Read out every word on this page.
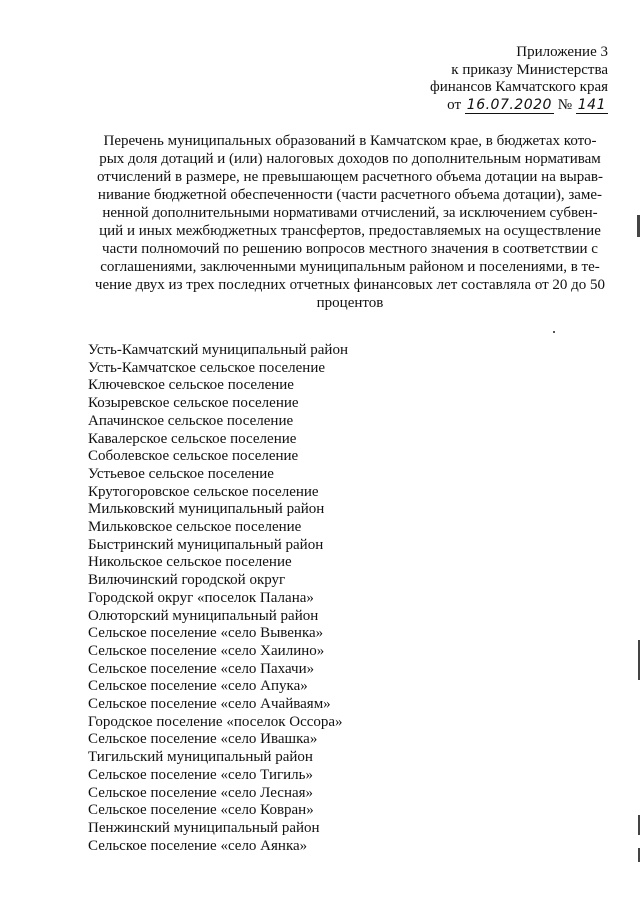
Приложение 3
к приказу Министерства
финансов Камчатского края
от 16.07.2020 № 141
Перечень муниципальных образований в Камчатском крае, в бюджетах кото-
рых доля дотаций и (или) налоговых доходов по дополнительным нормативам
отчислений в размере, не превышающем расчетного объема дотации на вырав-
нивание бюджетной обеспеченности (части расчетного объема дотации), заме-
ненной дополнительными нормативами отчислений, за исключением субвен-
ций и иных межбюджетных трансфертов, предоставляемых на осуществление
части полномочий по решению вопросов местного значения в соответствии с
соглашениями, заключенными муниципальным районом и поселениями, в те-
чение двух из трех последних отчетных финансовых лет составляла от 20 до 50
процентов
Усть-Камчатский муниципальный район
Усть-Камчатское сельское поселение
Ключевское сельское поселение
Козыревское сельское поселение
Апачинское сельское поселение
Кавалерское сельское поселение
Соболевское сельское поселение
Устьевое сельское поселение
Крутогоровское сельское поселение
Мильковский муниципальный район
Мильковское сельское поселение
Быстринский муниципальный район
Никольское сельское поселение
Вилючинский городской округ
Городской округ «поселок Палана»
Олюторский муниципальный район
Сельское поселение «село Вывенка»
Сельское поселение «село Хаилино»
Сельское поселение «село Пахачи»
Сельское поселение «село Апука»
Сельское поселение «село Ачайваям»
Городское поселение «поселок Оссора»
Сельское поселение «село Ивашка»
Тигильский муниципальный район
Сельское поселение «село Тигиль»
Сельское поселение «село Лесная»
Сельское поселение «село Ковран»
Пенжинский муниципальный район
Сельское поселение «село Аянка»
